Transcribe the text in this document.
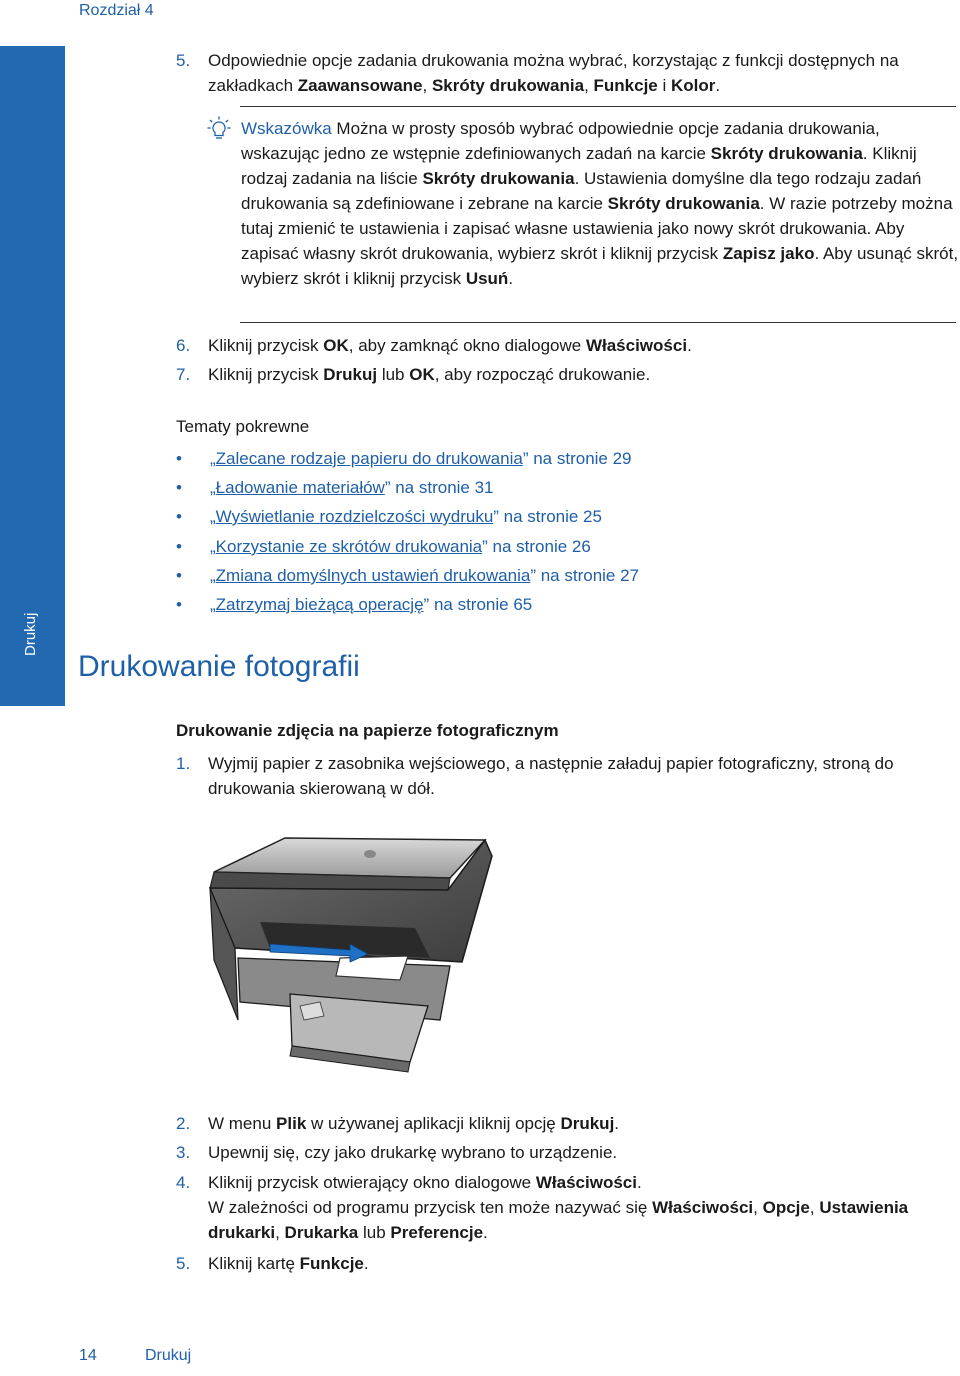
Rozdział 4
Drukuj
5. Odpowiednie opcje zadania drukowania można wybrać, korzystając z funkcji dostępnych na zakładkach Zaawansowane, Skróty drukowania, Funkcje i Kolor.
Wskazówka Można w prosty sposób wybrać odpowiednie opcje zadania drukowania, wskazując jedno ze wstępnie zdefiniowanych zadań na karcie Skróty drukowania. Kliknij rodzaj zadania na liście Skróty drukowania. Ustawienia domyślne dla tego rodzaju zadań drukowania są zdefiniowane i zebrane na karcie Skróty drukowania. W razie potrzeby można tutaj zmienić te ustawienia i zapisać własne ustawienia jako nowy skrót drukowania. Aby zapisać własny skrót drukowania, wybierz skrót i kliknij przycisk Zapisz jako. Aby usunąć skrót, wybierz skrót i kliknij przycisk Usuń.
6. Kliknij przycisk OK, aby zamknąć okno dialogowe Właściwości.
7. Kliknij przycisk Drukuj lub OK, aby rozpocząć drukowanie.
Tematy pokrewne
• „Zalecane rodzaje papieru do drukowania” na stronie 29
• „Ładowanie materiałów” na stronie 31
• „Wyświetlanie rozdzielczości wydruku” na stronie 25
• „Korzystanie ze skrótów drukowania” na stronie 26
• „Zmiana domyślnych ustawień drukowania” na stronie 27
• „Zatrzymaj bieżącą operację” na stronie 65
Drukowanie fotografii
Drukowanie zdjęcia na papierze fotograficznym
1. Wyjmij papier z zasobnika wejściowego, a następnie załaduj papier fotograficzny, stroną do drukowania skierowaną w dół.
2. W menu Plik w używanej aplikacji kliknij opcję Drukuj.
3. Upewnij się, czy jako drukarkę wybrano to urządzenie.
4. Kliknij przycisk otwierający okno dialogowe Właściwości.
W zależności od programu przycisk ten może nazywać się Właściwości, Opcje, Ustawienia drukarki, Drukarka lub Preferencje.
5. Kliknij kartę Funkcje.
14	Drukuj
